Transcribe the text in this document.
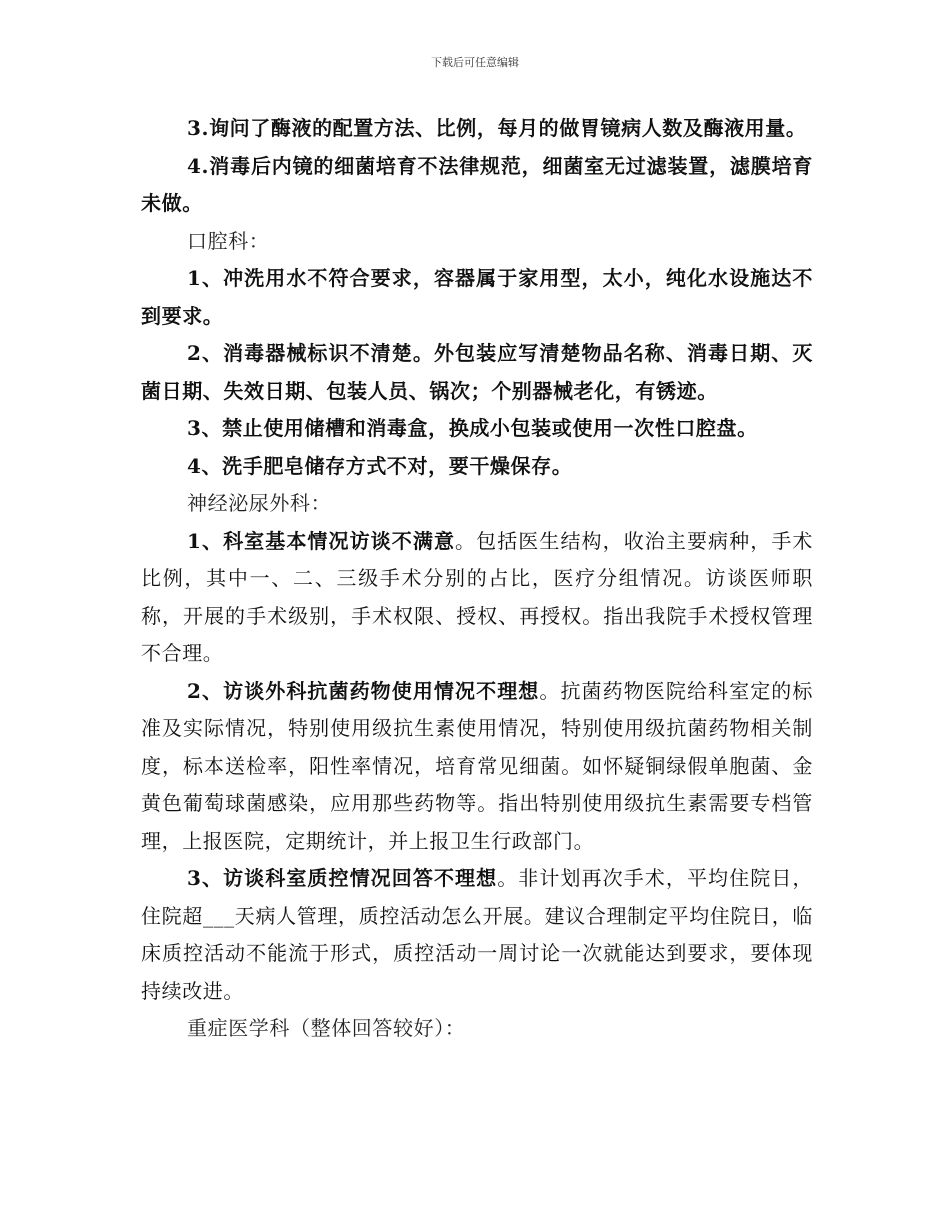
下载后可任意编辑

3.询问了酶液的配置方法、比例，每月的做胃镜病人数及酶液用量。

4.消毒后内镜的细菌培育不法律规范，细菌室无过滤装置，滤膜培育未做。

口腔科：

1、冲洗用水不符合要求，容器属于家用型，太小，纯化水设施达不到要求。

2、消毒器械标识不清楚。外包装应写清楚物品名称、消毒日期、灭菌日期、失效日期、包装人员、锅次；个别器械老化，有锈迹。

3、禁止使用储槽和消毒盒，换成小包装或使用一次性口腔盘。

4、洗手肥皂储存方式不对，要干燥保存。

神经泌尿外科：

1、科室基本情况访谈不满意。包括医生结构，收治主要病种，手术比例，其中一、二、三级手术分别的占比，医疗分组情况。访谈医师职称，开展的手术级别，手术权限、授权、再授权。指出我院手术授权管理不合理。

2、访谈外科抗菌药物使用情况不理想。抗菌药物医院给科室定的标准及实际情况，特别使用级抗生素使用情况，特别使用级抗菌药物相关制度，标本送检率，阳性率情况，培育常见细菌。如怀疑铜绿假单胞菌、金黄色葡萄球菌感染，应用那些药物等。指出特别使用级抗生素需要专档管理，上报医院，定期统计，并上报卫生行政部门。

3、访谈科室质控情况回答不理想。非计划再次手术，平均住院日，住院超___天病人管理，质控活动怎么开展。建议合理制定平均住院日，临床质控活动不能流于形式，质控活动一周讨论一次就能达到要求，要体现持续改进。

重症医学科（整体回答较好）：
